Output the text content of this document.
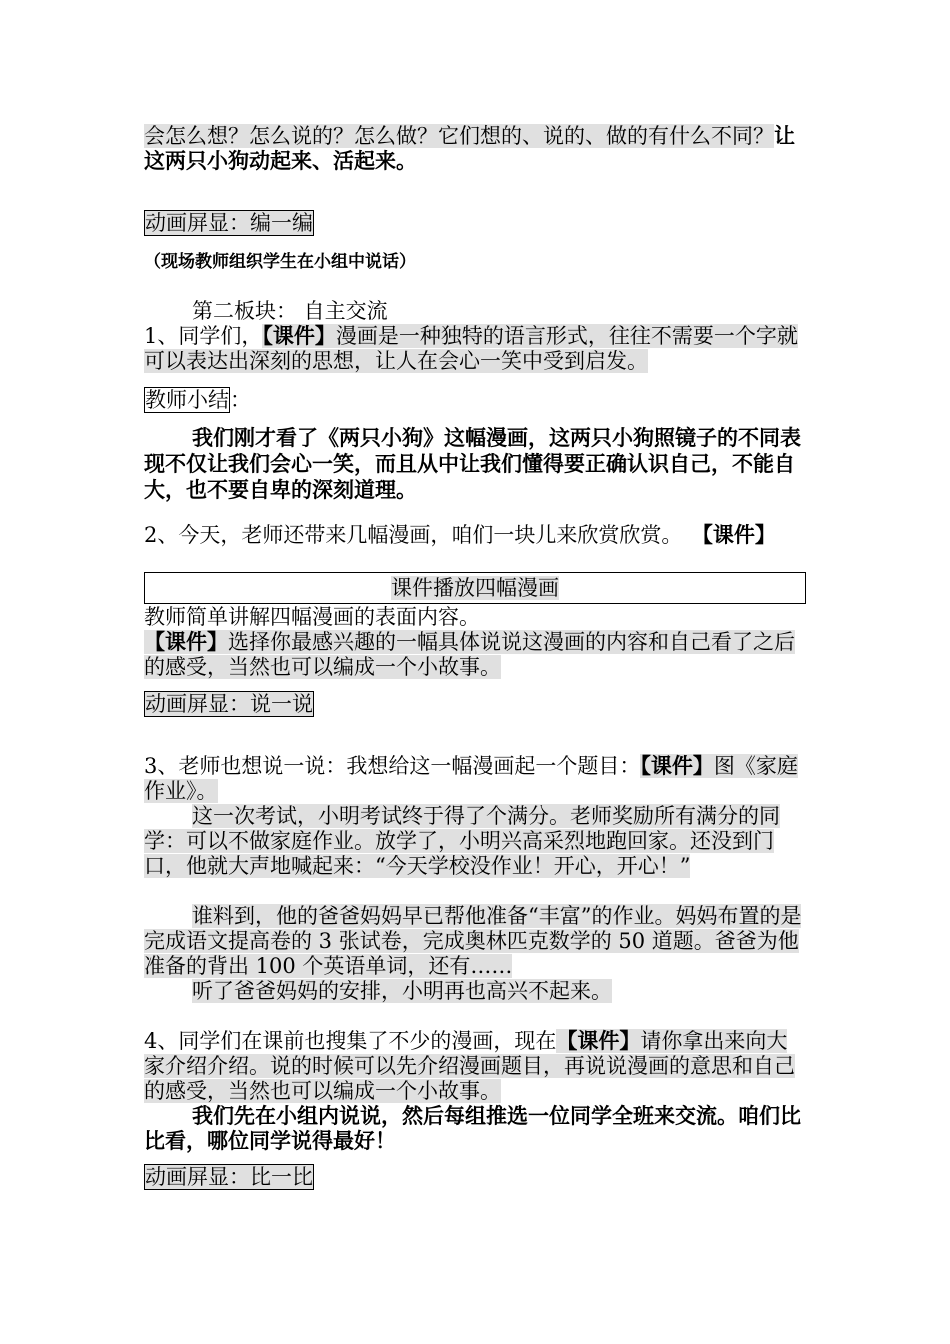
会怎么想？怎么说的？怎么做？它们想的、说的、做的有什么不同？让这两只小狗动起来、活起来。

动画屏显：编一编

（现场教师组织学生在小组中说话）

第二板块： 自主交流

1、同学们，【课件】漫画是一种独特的语言形式，往往不需要一个字就可以表达出深刻的思想，让人在会心一笑中受到启发。

教师小结：

我们刚才看了《两只小狗》这幅漫画，这两只小狗照镜子的不同表现不仅让我们会心一笑，而且从中让我们懂得要正确认识自己，不能自大，也不要自卑的深刻道理。

2、今天，老师还带来几幅漫画，咱们一块儿来欣赏欣赏。 【课件】

课件播放四幅漫画

教师简单讲解四幅漫画的表面内容。

【课件】选择你最感兴趣的一幅具体说说这漫画的内容和自己看了之后的感受，当然也可以编成一个小故事。

动画屏显：说一说

3、老师也想说一说：我想给这一幅漫画起一个题目：【课件】图《家庭作业》。

这一次考试，小明考试终于得了个满分。老师奖励所有满分的同学：可以不做家庭作业。放学了，小明兴高采烈地跑回家。还没到门口，他就大声地喊起来：“今天学校没作业！开心，开心！”

谁料到，他的爸爸妈妈早已帮他准备“丰富”的作业。妈妈布置的是完成语文提高卷的 3 张试卷，完成奥林匹克数学的 50 道题。爸爸为他准备的背出 100 个英语单词，还有……

听了爸爸妈妈的安排，小明再也高兴不起来。

4、同学们在课前也搜集了不少的漫画，现在【课件】请你拿出来向大家介绍介绍。说的时候可以先介绍漫画题目，再说说漫画的意思和自己的感受，当然也可以编成一个小故事。

我们先在小组内说说，然后每组推选一位同学全班来交流。咱们比比看，哪位同学说得最好！

动画屏显：比一比
